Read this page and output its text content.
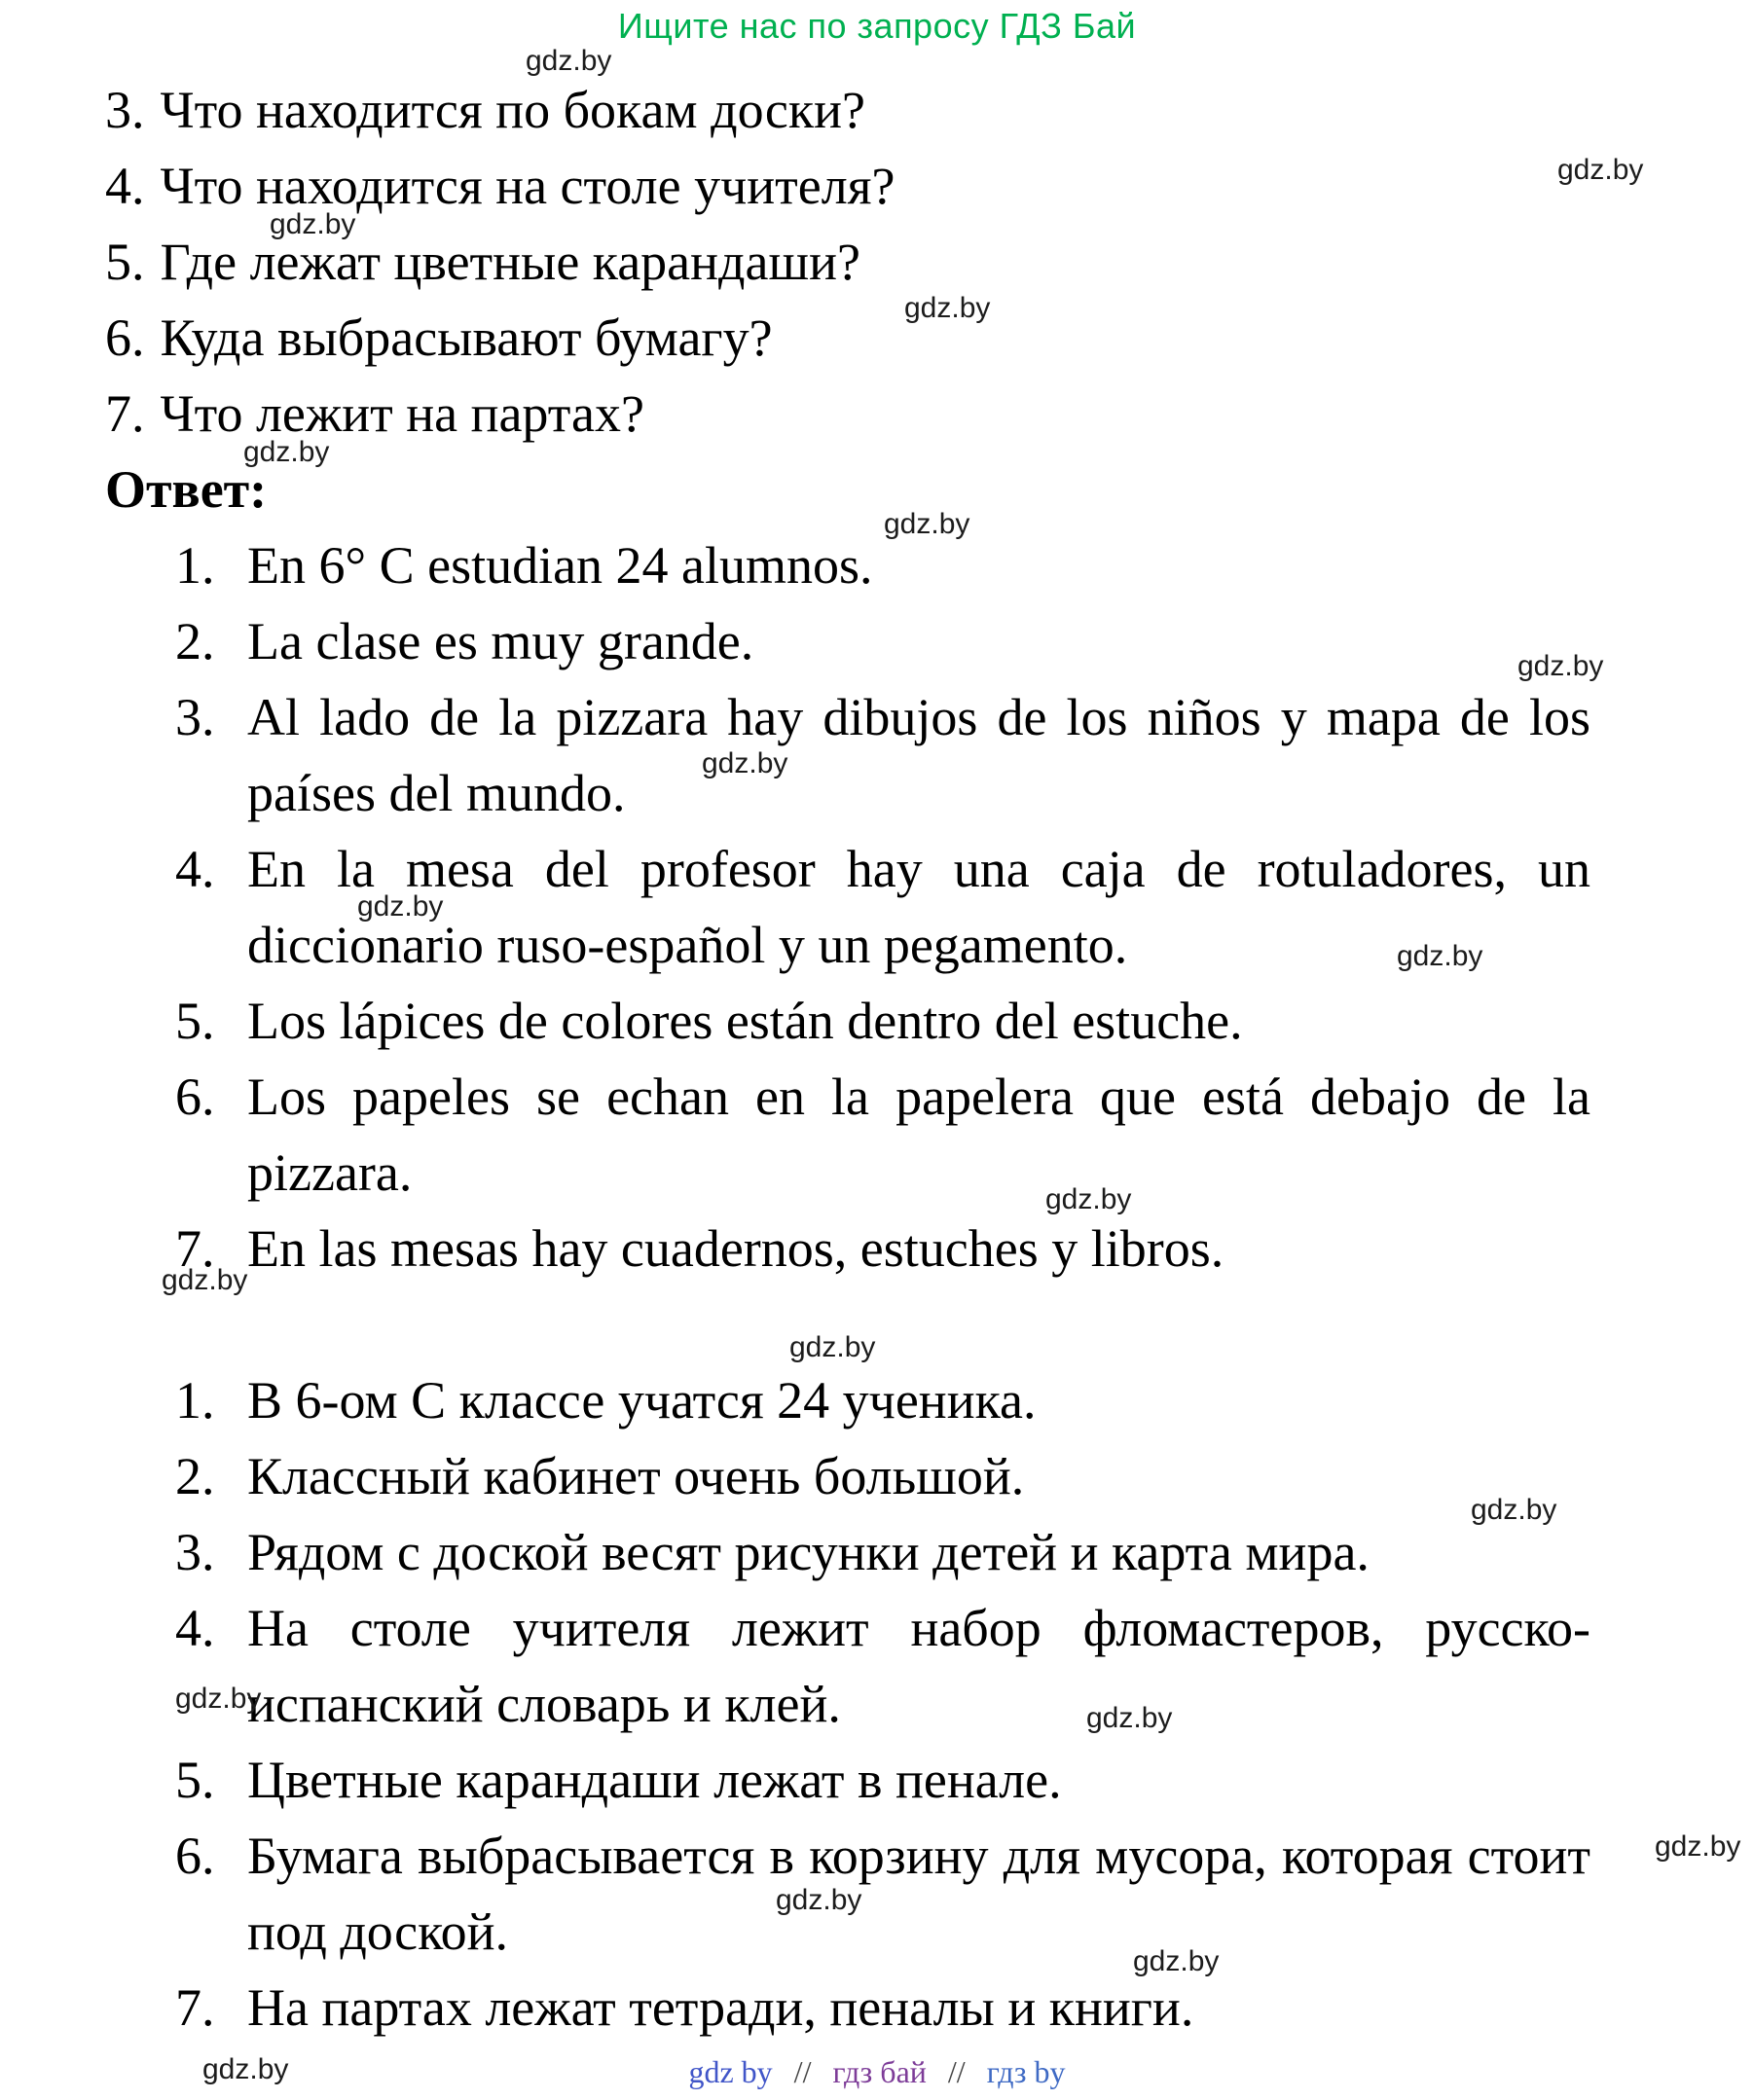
Ищите нас по запросу ГДЗ Бай
3. Что находится по бокам доски?
4. Что находится на столе учителя?
5. Где лежат цветные карандаши?
6. Куда выбрасывают бумагу?
7. Что лежит на партах?
Ответ:
1. En 6° C estudian 24 alumnos.
2. La clase es muy grande.
3. Al lado de la pizzara hay dibujos de los niños y mapa de los países del mundo.
4. En la mesa del profesor hay una caja de rotuladores, un diccionario ruso-español y un pegamento.
5. Los lápices de colores están dentro del estuche.
6. Los papeles se echan en la papelera que está debajo de la pizzara.
7. En las mesas hay cuadernos, estuches y libros.
1. В 6-ом С классе учатся 24 ученика.
2. Классный кабинет очень большой.
3. Рядом с доской весят рисунки детей и карта мира.
4. На столе учителя лежит набор фломастеров, русско-испанский словарь и клей.
5. Цветные карандаши лежат в пенале.
6. Бумага выбрасывается в корзину для мусора, которая стоит под доской.
7. На партах лежат тетради, пеналы и книги.
gdz.by
gdz.by
gdz.by
gdz.by
gdz.by
gdz.by
gdz.by
gdz.by
gdz.by
gdz.by
gdz.by
gdz.by
gdz.by
gdz.by
gdz.by
gdz.by
gdz.by
gdz.by
gdz.by
gdz.by	gdz by // гдз бай // гдз by
